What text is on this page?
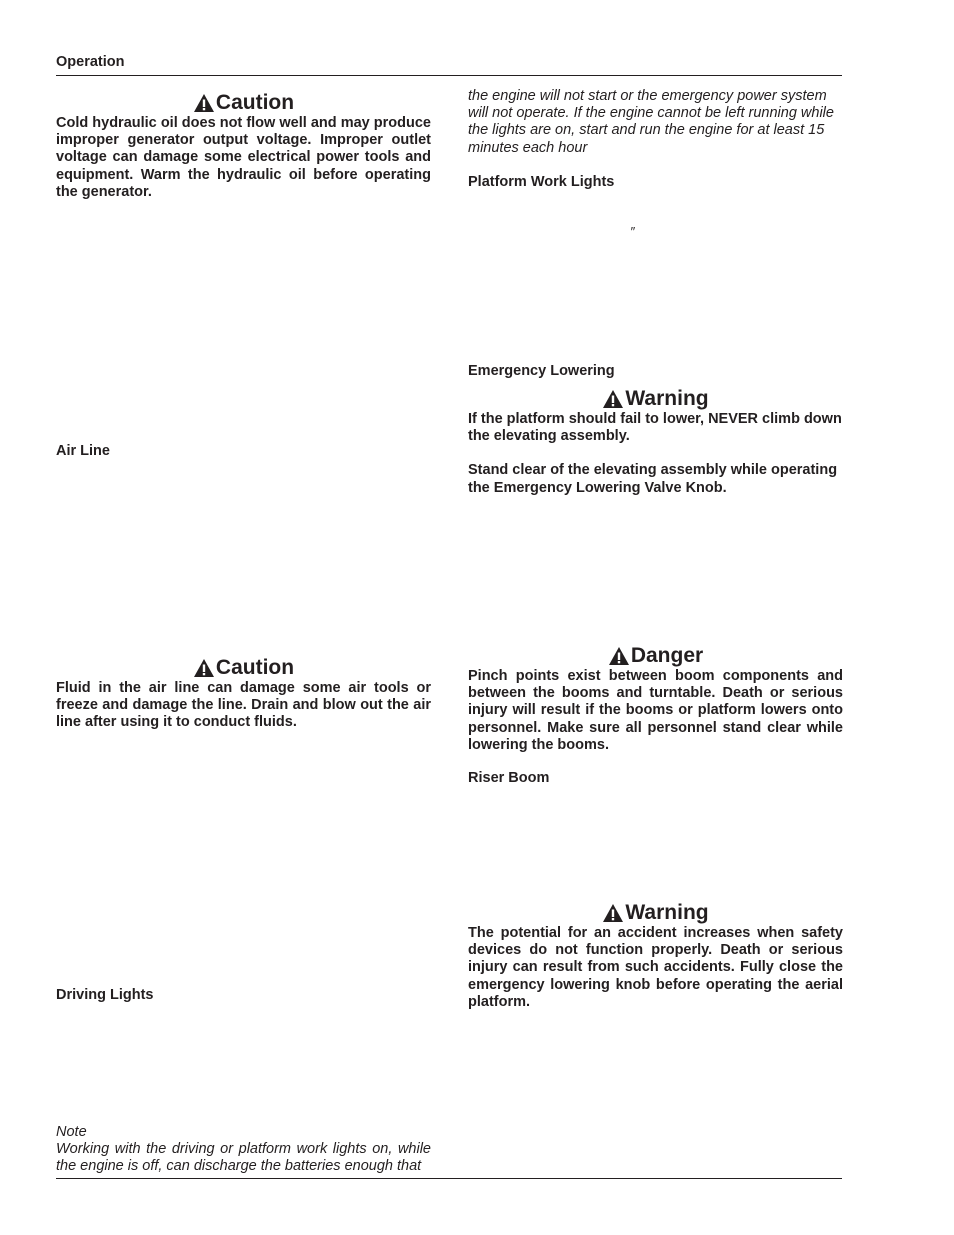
Operation
Caution

Cold hydraulic oil does not flow well and may produce improper generator output voltage. Improper outlet voltage can damage some electrical power tools and equipment. Warm the hydraulic oil before operating the generator.

Air Line
Caution

Fluid in the air line can damage some air tools or freeze and damage the line. Drain and blow out the air line after using it to conduct fluids.

Driving Lights

Note

Working with the driving or platform work lights on, while the engine is off, can discharge the batteries enough that

the engine will not start or the emergency power system will not operate. If the engine cannot be left running while the lights are on, start and run the engine for at least 15 minutes each hour

Platform Work Lights
″
Emergency Lowering
Warning

If the platform should fail to lower, NEVER climb down the elevating assembly.

Stand clear of the elevating assembly while operating the Emergency Lowering Valve Knob.

Danger

Pinch points exist between boom components and between the booms and turntable. Death or serious injury will result if the booms or platform lowers onto personnel. Make sure all personnel stand clear while lowering the booms.

Riser Boom
Warning

The potential for an accident increases when safety devices do not function properly. Death or serious injury can result from such accidents. Fully close the emergency lowering knob before operating the aerial platform.
